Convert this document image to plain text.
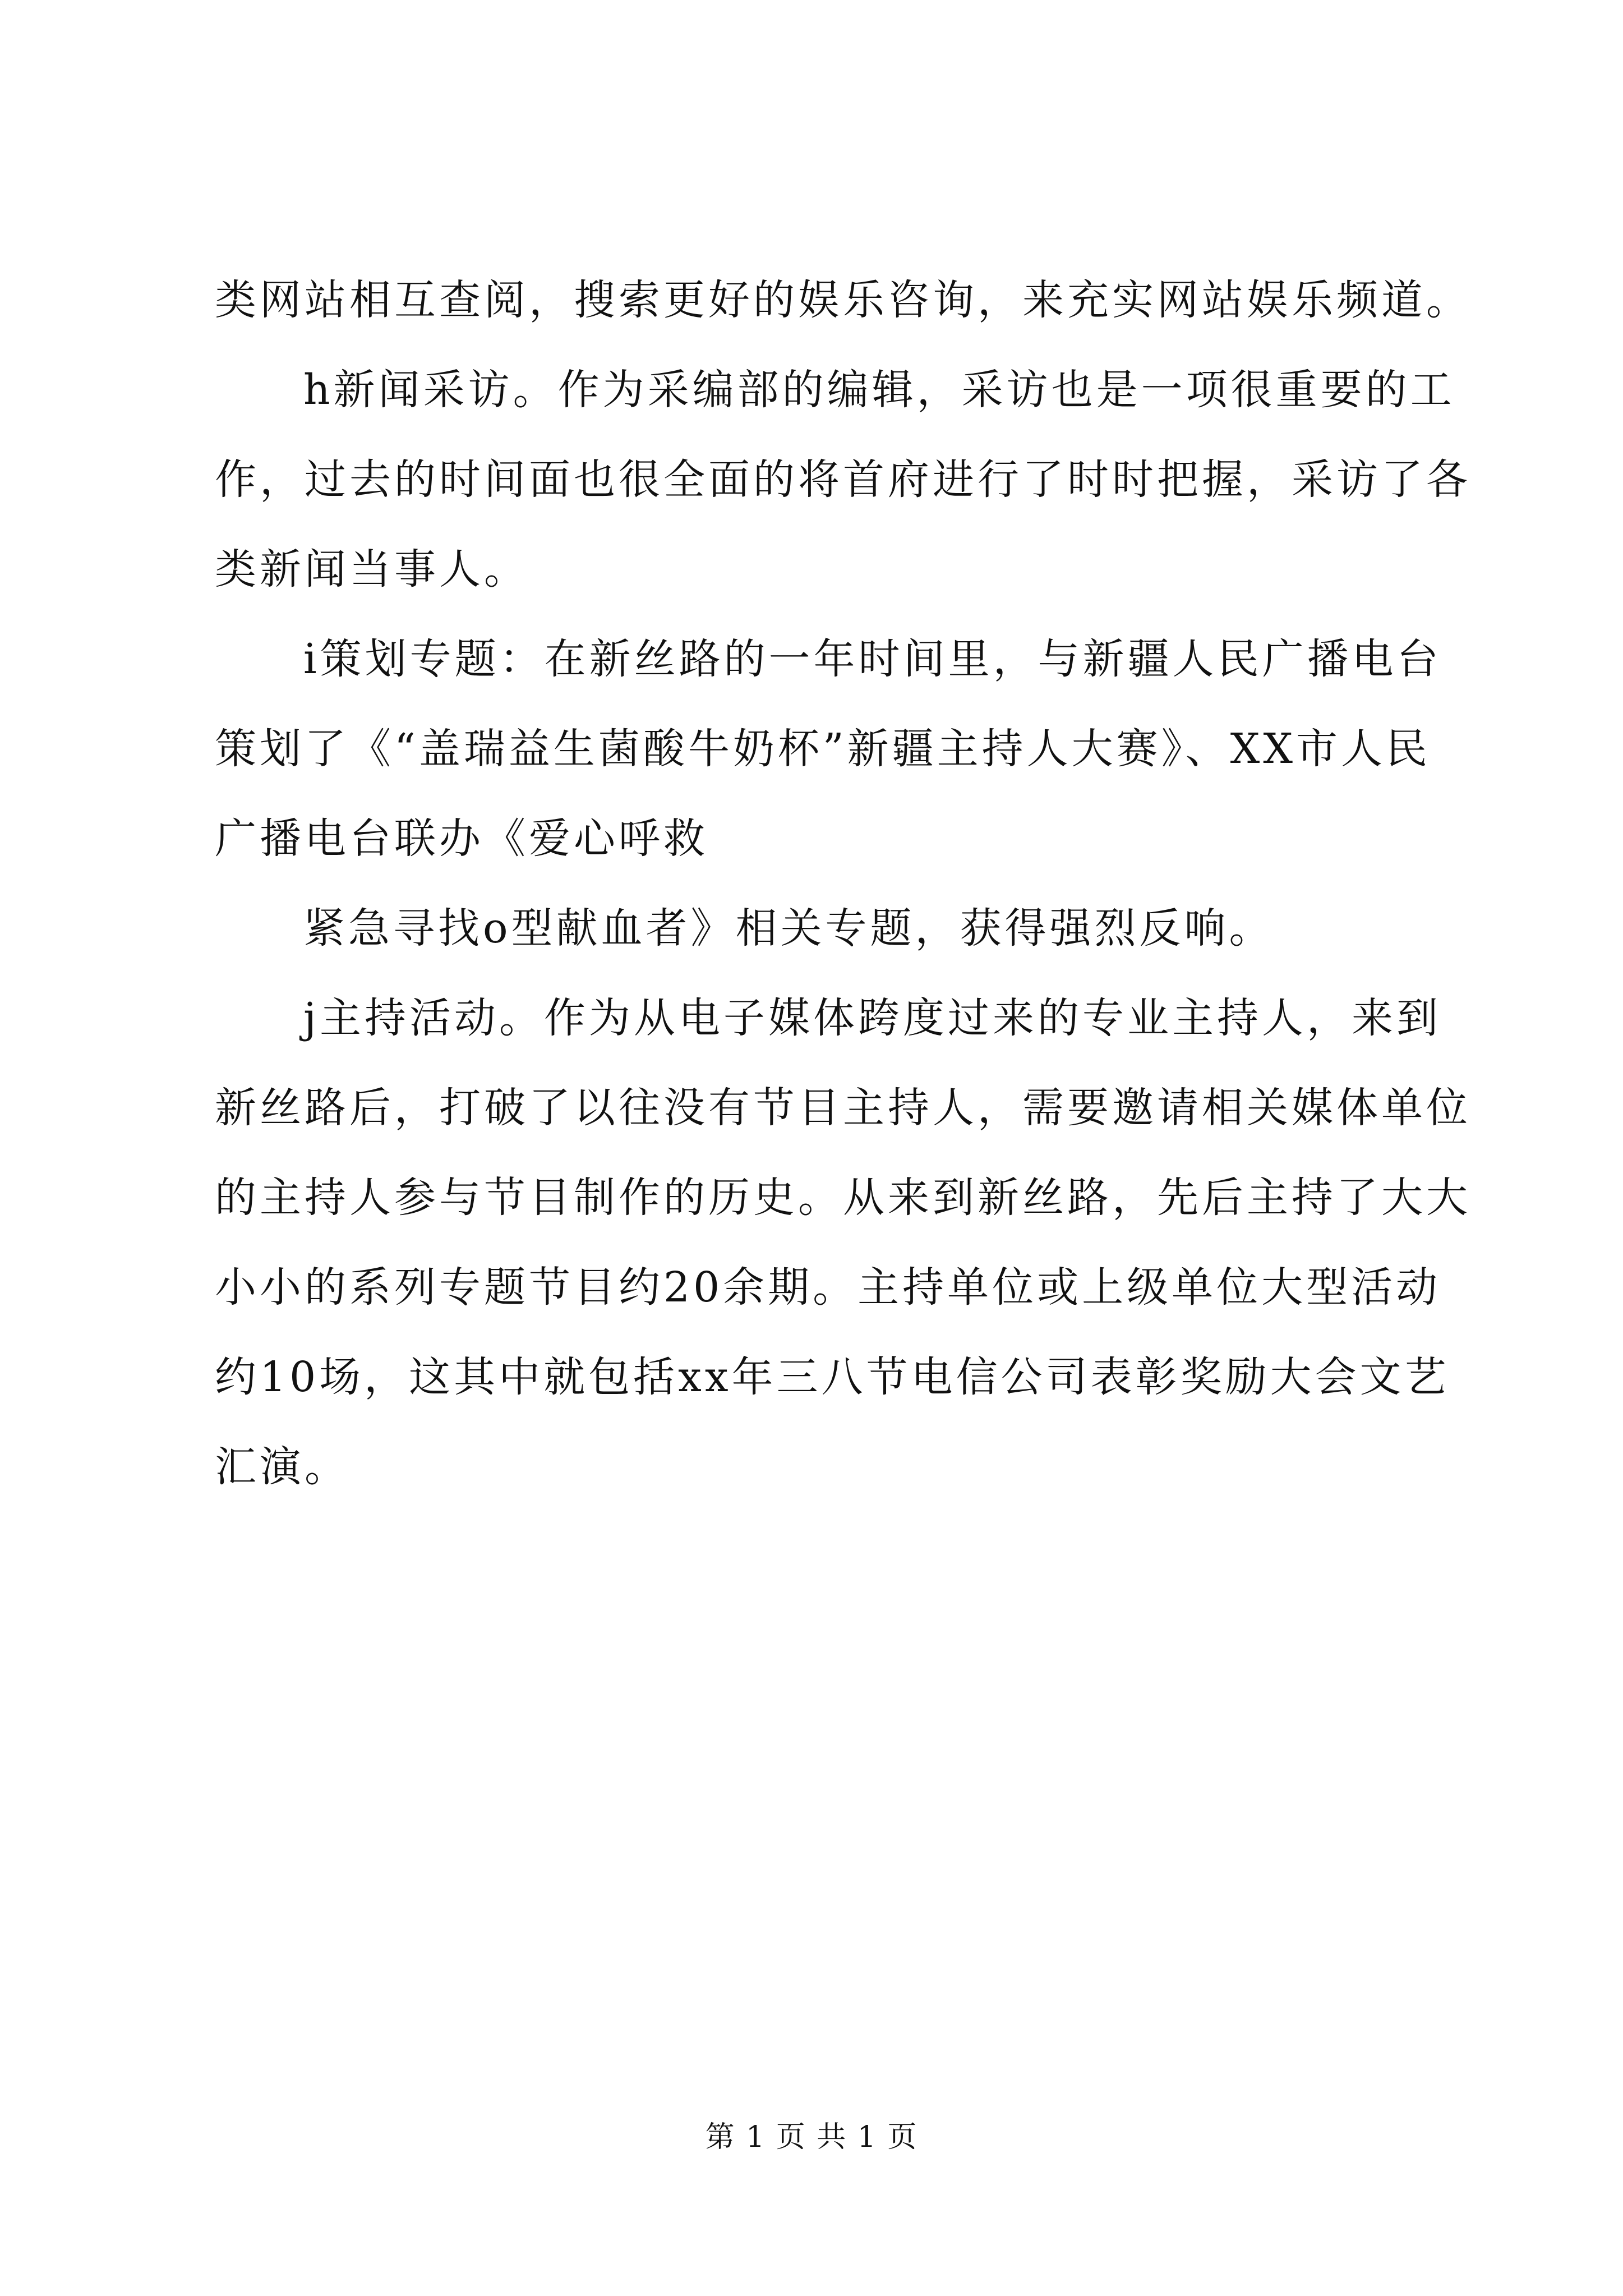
类网站相互查阅，搜索更好的娱乐咨询，来充实网站娱乐频道。
h新闻采访。作为采编部的编辑，采访也是一项很重要的工
作，过去的时间面也很全面的将首府进行了时时把握，采访了各
类新闻当事人。
i策划专题：在新丝路的一年时间里，与新疆人民广播电台
策划了《“盖瑞益生菌酸牛奶杯”新疆主持人大赛》、XX市人民
广播电台联办《爱心呼救
紧急寻找o型献血者》相关专题，获得强烈反响。
j主持活动。作为从电子媒体跨度过来的专业主持人，来到
新丝路后，打破了以往没有节目主持人，需要邀请相关媒体单位
的主持人参与节目制作的历史。从来到新丝路，先后主持了大大
小小的系列专题节目约20余期。主持单位或上级单位大型活动
约10场，这其中就包括xx年三八节电信公司表彰奖励大会文艺
汇演。
第 1 页 共 1 页
